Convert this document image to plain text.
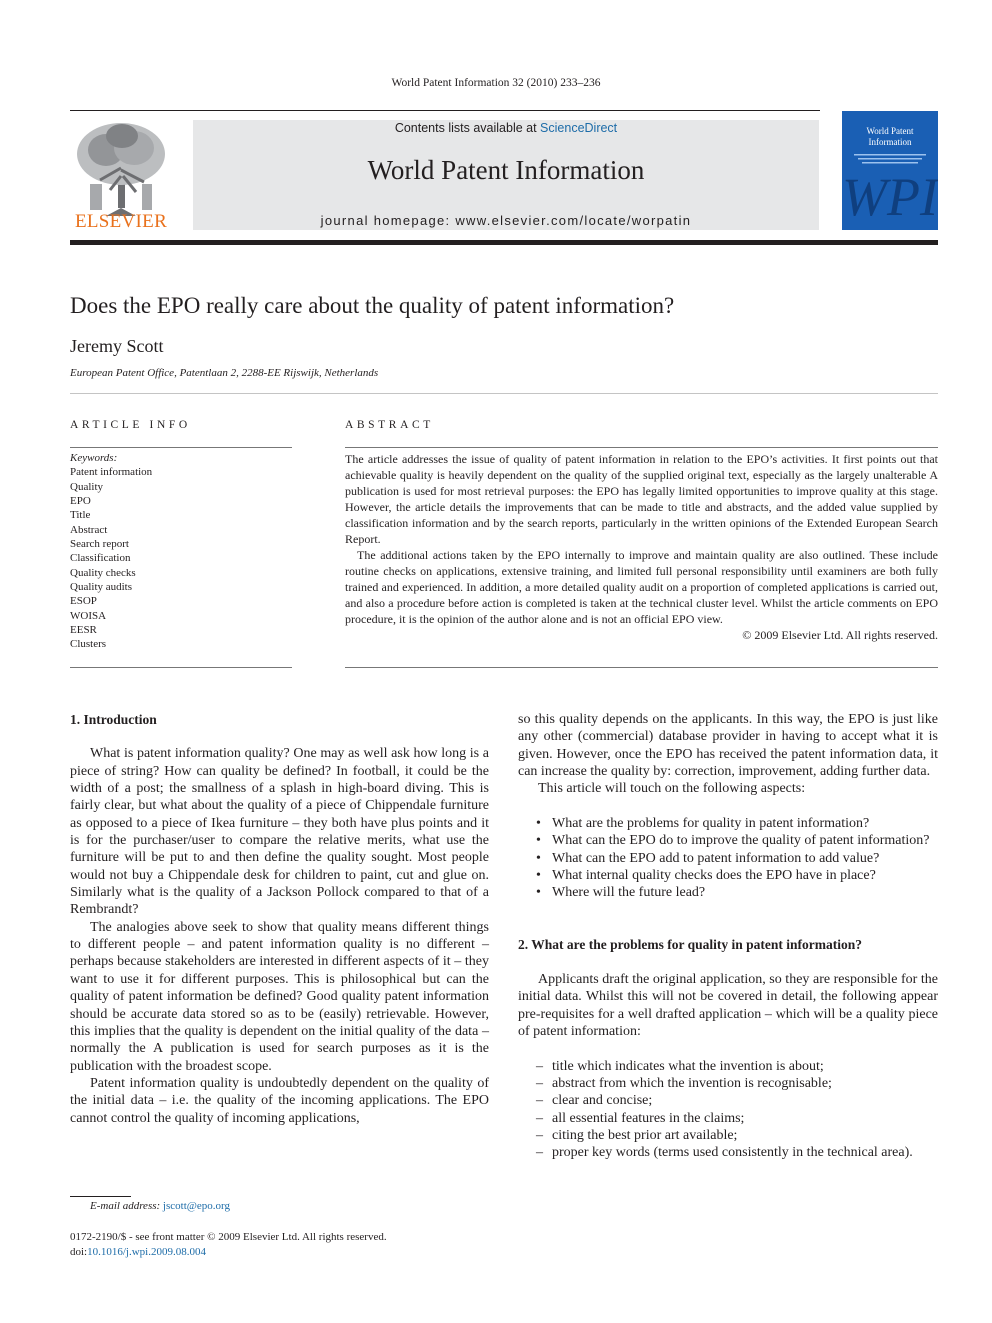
World Patent Information 32 (2010) 233–236
ELSEVIER
Contents lists available at ScienceDirect
World Patent Information
journal homepage: www.elsevier.com/locate/worpatin	WPI
World Patent Information
Does the EPO really care about the quality of patent information?
Jeremy Scott
European Patent Office, Patentlaan 2, 2288-EE Rijswijk, Netherlands
ARTICLE INFO	ABSTRACT
Keywords:
Patent information
Quality
EPO
Title
Abstract
Search report
Classification
Quality checks
Quality audits
ESOP
WOISA
EESR
Clusters

The article addresses the issue of quality of patent information in relation to the EPO’s activities. It first points out that achievable quality is heavily dependent on the quality of the supplied original text, especially as the largely unalterable A publication is used for most retrieval purposes: the EPO has legally limited opportunities to improve quality at this stage. However, the article details the improvements that can be made to title and abstracts, and the added value supplied by classification information and by the search reports, particularly in the written opinions of the Extended European Search Report.

The additional actions taken by the EPO internally to improve and maintain quality are also outlined. These include routine checks on applications, extensive training, and limited full personal responsibility until examiners are both fully trained and experienced. In addition, a more detailed quality audit on a proportion of completed applications is carried out, and also a procedure before action is completed is taken at the technical cluster level. Whilst the article comments on EPO procedure, it is the opinion of the author alone and is not an official EPO view.

© 2009 Elsevier Ltd. All rights reserved.

1. Introduction

What is patent information quality? One may as well ask how long is a piece of string? How can quality be defined? In football, it could be the width of a post; the smallness of a splash in high-board diving. This is fairly clear, but what about the quality of a piece of Chippendale furniture as opposed to a piece of Ikea furniture – they both have plus points and it is for the purchaser/user to compare the relative merits, what use the furniture will be put to and then define the quality sought. Most people would not buy a Chippendale desk for children to paint, cut and glue on. Similarly what is the quality of a Jackson Pollock compared to that of a Rembrandt?

The analogies above seek to show that quality means different things to different people – and patent information quality is no different – perhaps because stakeholders are interested in different aspects of it – they want to use it for different purposes. This is philosophical but can the quality of patent information be defined? Good quality patent information should be accurate data stored so as to be (easily) retrievable. However, this implies that the quality is dependent on the initial quality of the data – normally the A publication is used for search purposes as it is the publication with the broadest scope.

Patent information quality is undoubtedly dependent on the quality of the initial data – i.e. the quality of the incoming applications. The EPO cannot control the quality of incoming applications,

so this quality depends on the applicants. In this way, the EPO is just like any other (commercial) database provider in having to accept what it is given. However, once the EPO has received the patent information data, it can increase the quality by: correction, improvement, adding further data.

This article will touch on the following aspects:

• What are the problems for quality in patent information?
• What can the EPO do to improve the quality of patent information?
• What can the EPO add to patent information to add value?
• What internal quality checks does the EPO have in place?
• Where will the future lead?
2. What are the problems for quality in patent information?

Applicants draft the original application, so they are responsible for the initial data. Whilst this will not be covered in detail, the following appear pre-requisites for a well drafted application – which will be a quality piece of patent information:

– title which indicates what the invention is about;
– abstract from which the invention is recognisable;
– clear and concise;
– all essential features in the claims;
– citing the best prior art available;
– proper key words (terms used consistently in the technical area).
E-mail address: jscott@epo.org
0172-2190/$ - see front matter © 2009 Elsevier Ltd. All rights reserved.
doi:10.1016/j.wpi.2009.08.004
